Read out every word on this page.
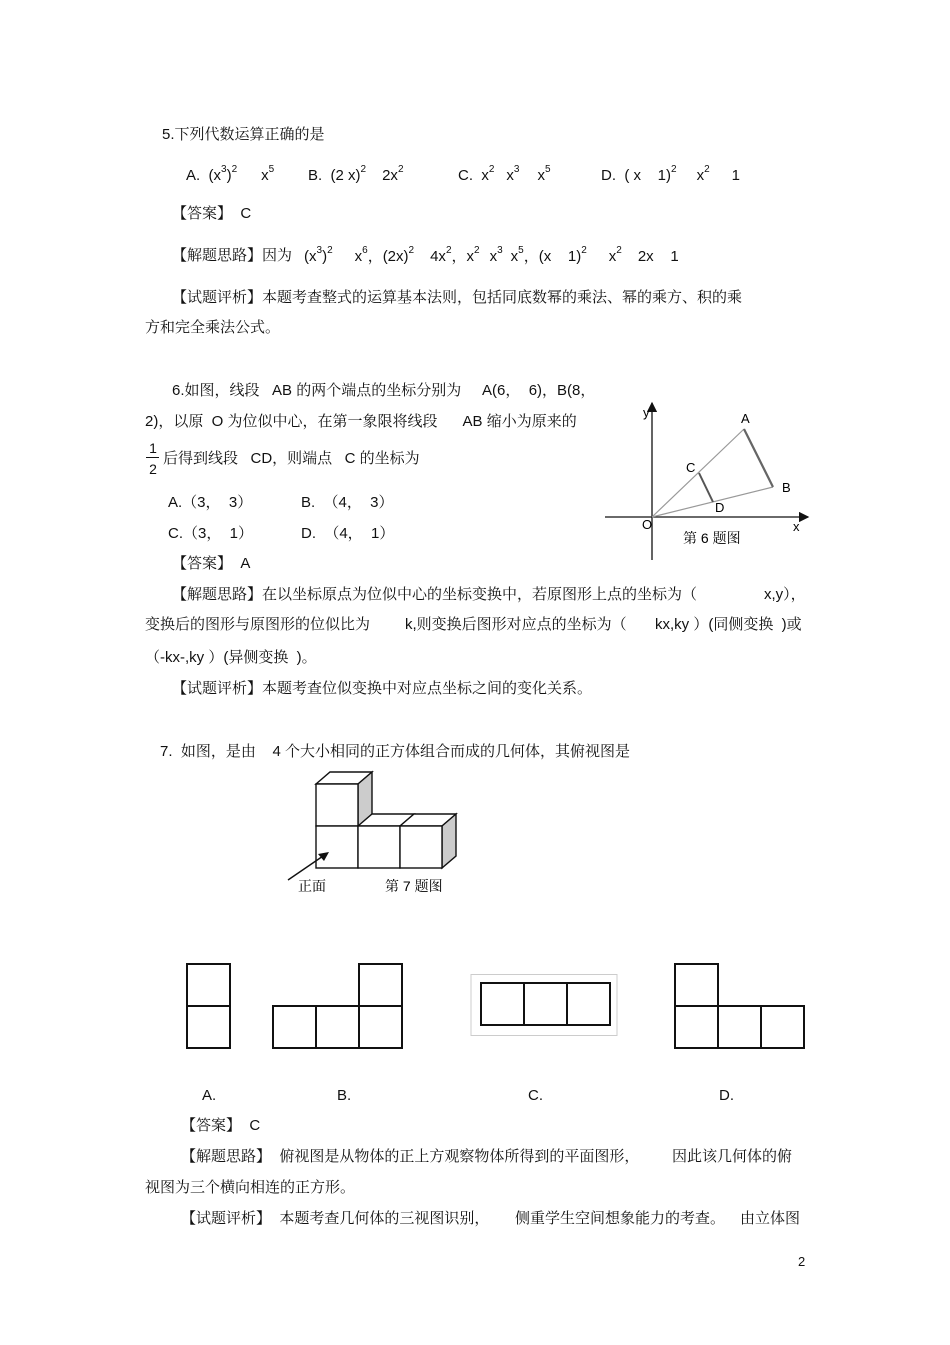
5.下列代数运算正确的是
A. $(x^3)^2$ $x^5$ B. (2 x)$^2$ $2x^2$	C. $x^2$ $x^3$ $x^5$	D. ( x    1)$^2$ $x^2$ 1
【答案】 C
【解题思路】因为 $(x^3)^2$ $x^6$，$(2x)^2$ $4x^2$，$x^2$ $x^3$ $x^5$，(x    1)$^2$ $x^2$ 2x    1
【试题评析】本题考查整式的运算基本法则，包括同底数幂的乘法、幂的乘方、积的乘
方和完全乘法公式。
6.如图，线段   AB 的两个端点的坐标分别为     A(6，  6)，B(8，
2)，以原  O 为位似中心，在第一象限将线段      AB 缩小为原来的
1
2
后得到线段   CD，则端点   C 的坐标为
A.（3，  3）	B.  （4，  3）
C.（3，  1）	D.  （4，  1）
【答案】 A
【解题思路】在以坐标原点为位似中心的坐标变换中，若原图形上点的坐标为（	x,y），
变换后的图形与原图形的位似比为 k,则变换后图形对应点的坐标为（ kx,ky ）(同侧变换  )或
（-kx-,ky ）(异侧变换  )。
【试题评析】本题考查位似变换中对应点坐标之间的变化关系。
y
x
O
A
B
C
D
第 6 题图
7.  如图，是由    4 个大小相同的正方体组合而成的几何体，其俯视图是
正面	第 7 题图
A.	B.	C.	D.
【答案】 C
【解题思路】 俯视图是从物体的正上方观察物体所得到的平面图形， 因此该几何体的俯
视图为三个横向相连的正方形。
【试题评析】 本题考查几何体的三视图识别， 侧重学生空间想象能力的考查。 由立体图
2
